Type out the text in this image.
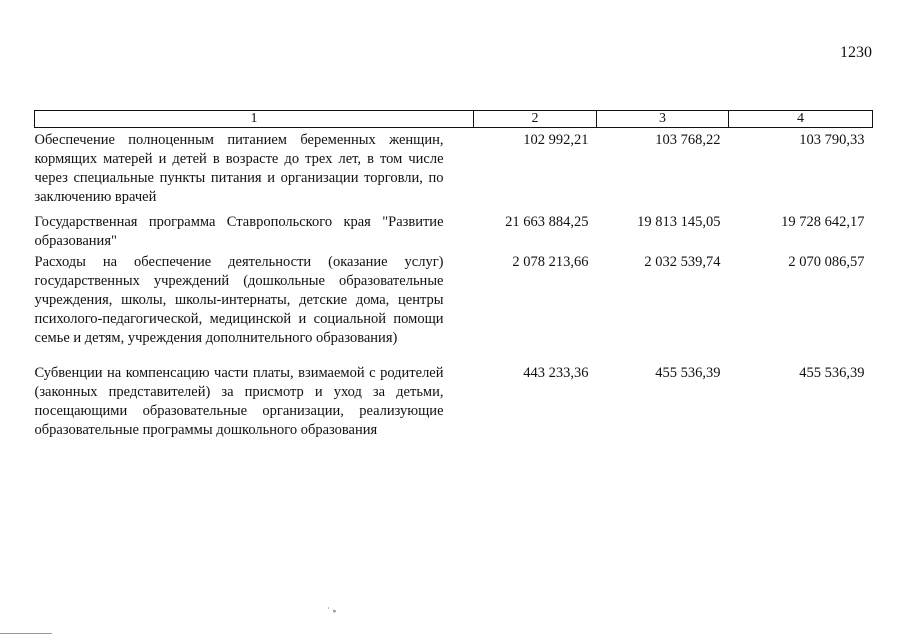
1230
1	2	3	4
Обеспечение полноценным питанием беременных женщин, кормящих матерей и детей в возрасте до трех лет, в том числе через специальные пункты питания и организации торговли, по заключению врачей	102 992,21	103 768,22	103 790,33
Государственная программа Ставропольского края "Развитие образования"	21 663 884,25	19 813 145,05	19 728 642,17
Расходы на обеспечение деятельности (оказание услуг) государственных учреждений (дошкольные образовательные учреждения, школы, школы-интернаты, детские дома, центры психолого-педагогической, медицинской и социальной помощи семье и детям, учреждения дополнительного образования)	2 078 213,66	2 032 539,74	2 070 086,57
Субвенции на компенсацию части платы, взимаемой с родителей (законных представителей) за присмотр и уход за детьми, посещающими образовательные организации, реализующие образовательные программы дошкольного образования	443 233,36	455 536,39	455 536,39
˙ ∘
